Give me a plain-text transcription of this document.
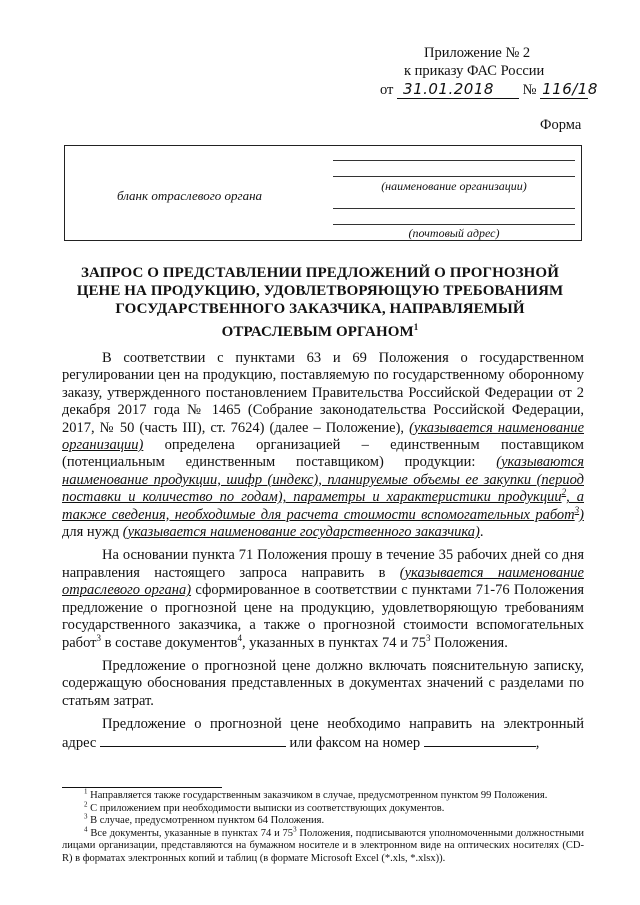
Приложение № 2
к приказу ФАС России
от 31.01.2018 № 116/18
Форма
бланк отраслевого органа
(наименование организации)
(почтовый адрес)
ЗАПРОС О ПРЕДСТАВЛЕНИИ ПРЕДЛОЖЕНИЙ О ПРОГНОЗНОЙ ЦЕНЕ НА ПРОДУКЦИЮ, УДОВЛЕТВОРЯЮЩУЮ ТРЕБОВАНИЯМ ГОСУДАРСТВЕННОГО ЗАКАЗЧИКА, НАПРАВЛЯЕМЫЙ ОТРАСЛЕВЫМ ОРГАНОМ$^1$

В соответствии с пунктами 63 и 69 Положения о государственном регулировании цен на продукцию, поставляемую по государственному оборонному заказу, утвержденного постановлением Правительства Российской Федерации от 2 декабря 2017 года № 1465 (Собрание законодательства Российской Федерации, 2017, № 50 (часть III), ст. 7624) (далее – Положение), (указывается наименование организации) определена организацией – единственным поставщиком (потенциальным единственным поставщиком) продукции: (указываются наименование продукции, шифр (индекс), планируемые объемы ее закупки (период поставки и количество по годам), параметры и характеристики продукции$^2$, а также сведения, необходимые для расчета стоимости вспомогательных работ$^3$) для нужд (указывается наименование государственного заказчика).

На основании пункта 71 Положения прошу в течение 35 рабочих дней со дня направления настоящего запроса направить в (указывается наименование отраслевого органа) сформированное в соответствии с пунктами 71-76 Положения предложение о прогнозной цене на продукцию, удовлетворяющую требованиям государственного заказчика, а также о прогнозной стоимости вспомогательных работ$^3$ в составе документов$^4$, указанных в пунктах 74 и $75^3$ Положения.

Предложение о прогнозной цене должно включать пояснительную записку, содержащую обоснования представленных в документах значений с разделами по статьям затрат.

Предложение о прогнозной цене необходимо направить на электронный адрес	или факсом на номер	,

$^1$ Направляется также государственным заказчиком в случае, предусмотренном пунктом 99 Положения.

$^2$ С приложением при необходимости выписки из соответствующих документов.

$^3$ В случае, предусмотренном пунктом 64 Положения.

$^4$ Все документы, указанные в пунктах 74 и $75^3$ Положения, подписываются уполномоченными должностными лицами организации, представляются на бумажном носителе и в электронном виде на оптических носителях (CD-R) в форматах электронных копий и таблиц (в формате Microsoft Excel (*.xls, *.xlsx)).
